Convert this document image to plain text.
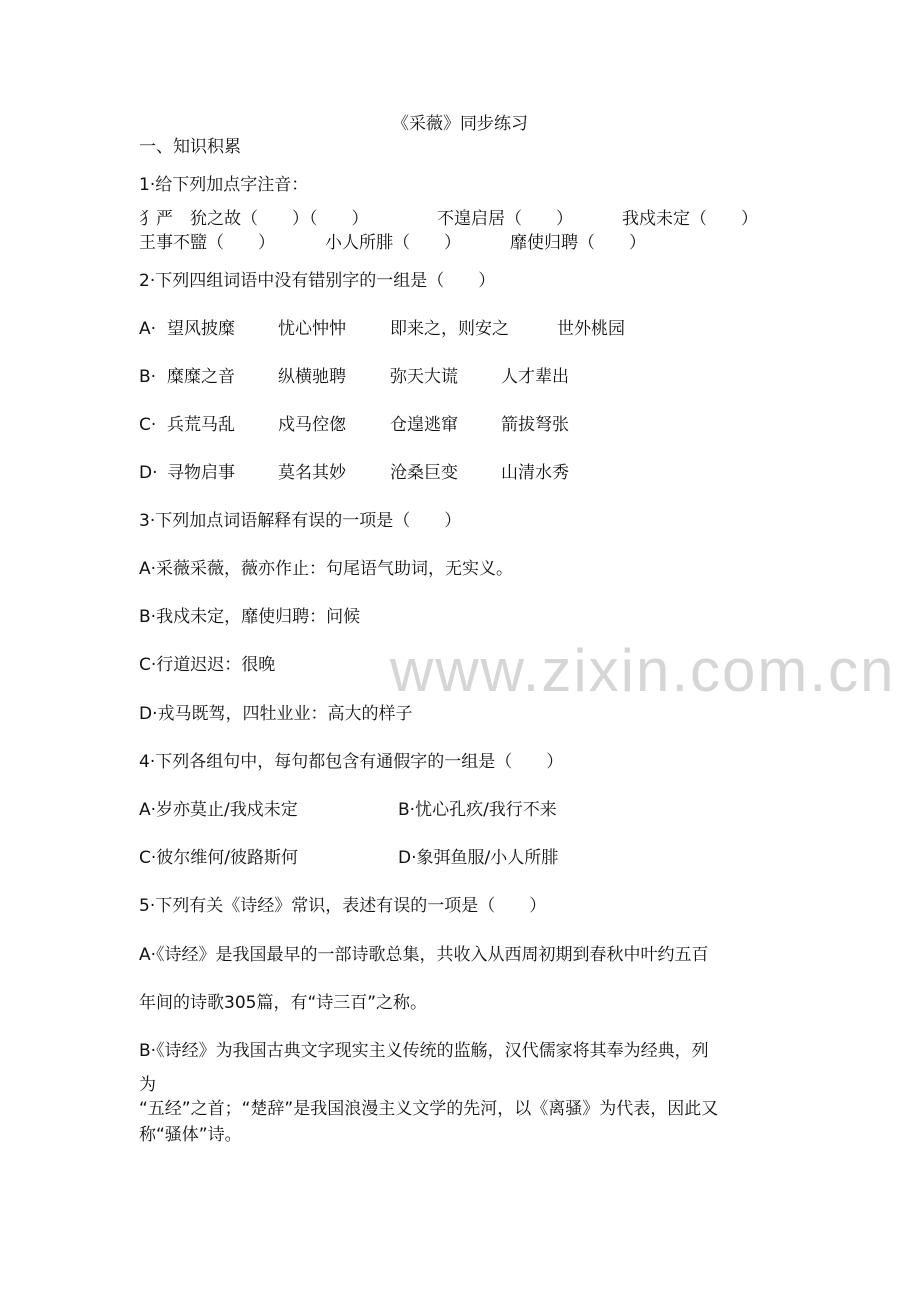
www.zixin.com.cn
《采薇》同步练习
一、知识积累
1·给下列加点字注音：
犭严　狁之故（　　）（　　）	不遑启居（　　）	我戍未定（　　）
王事不盬（　　）	小人所腓（　　）	靡使归聘（　　）
2·下列四组词语中没有错别字的一组是（　　）
A· 望风披糜	忧心忡忡	即来之，则安之	世外桃园
B· 糜糜之音	纵横驰聘	弥天大谎	人才辈出
C· 兵荒马乱	戍马倥偬	仓遑逃窜	箭拔弩张
D· 寻物启事	莫名其妙	沧桑巨变	山清水秀
3·下列加点词语解释有误的一项是（　　）
A·采薇采薇，薇亦作止：句尾语气助词，无实义。
B·我戍未定，靡使归聘：问候
C·行道迟迟：很晚
D·戎马既驾，四牡业业：高大的样子
4·下列各组句中，每句都包含有通假字的一组是（　　）
A·岁亦莫止/我戍未定	B·忧心孔疚/我行不来
C·彼尔维何/彼路斯何	D·象弭鱼服/小人所腓
5·下列有关《诗经》常识，表述有误的一项是（　　）
A·《诗经》是我国最早的一部诗歌总集，共收入从西周初期到春秋中叶约五百
年间的诗歌305篇，有“诗三百”之称。
B·《诗经》为我国古典文字现实主义传统的监觞，汉代儒家将其奉为经典，列
为
“五经”之首；“楚辞”是我国浪漫主义文学的先河，以《离骚》为代表，因此又
称“骚体”诗。
